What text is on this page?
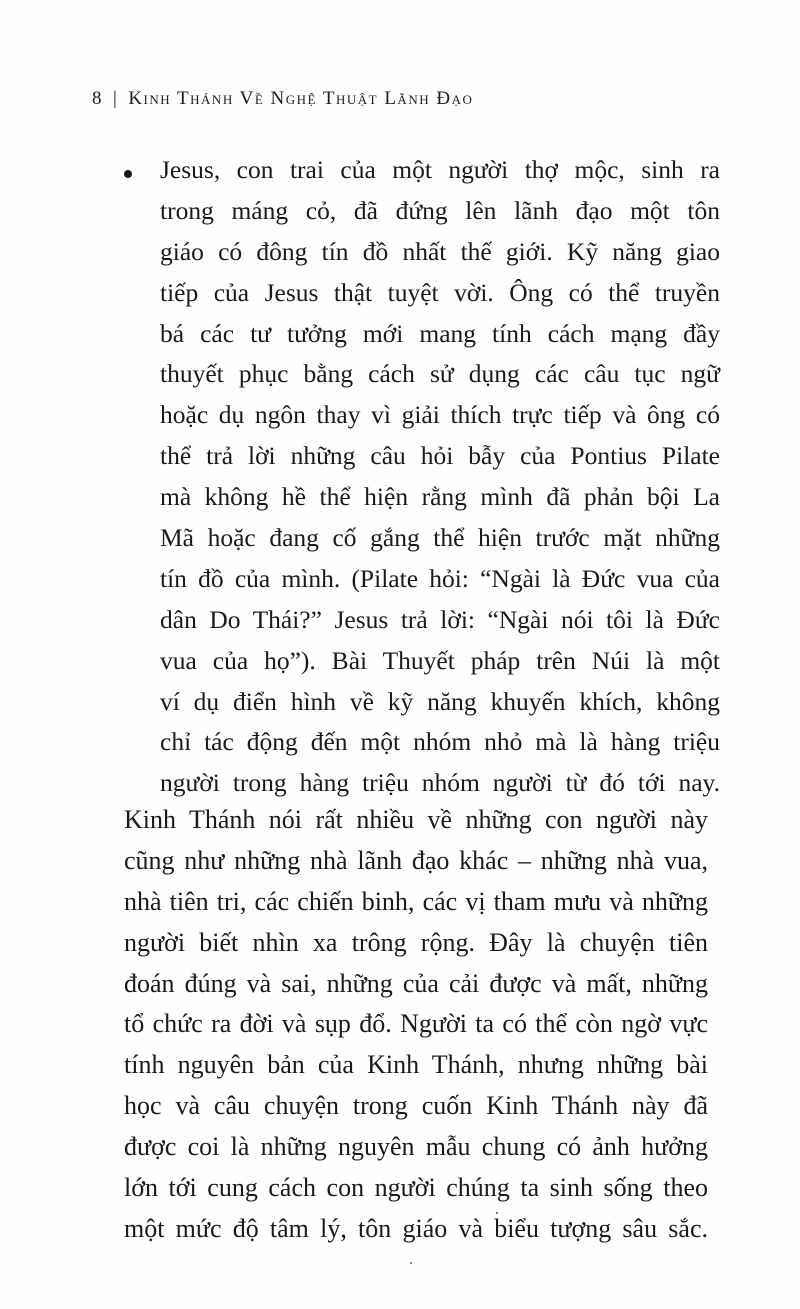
8 | Kinh Thánh Về Nghệ Thuật Lãnh Đạo
Jesus, con trai của một người thợ mộc, sinh ra
trong máng cỏ, đã đứng lên lãnh đạo một tôn
giáo có đông tín đồ nhất thế giới. Kỹ năng giao
tiếp của Jesus thật tuyệt vời. Ông có thể truyền
bá các tư tưởng mới mang tính cách mạng đầy
thuyết phục bằng cách sử dụng các câu tục ngữ
hoặc dụ ngôn thay vì giải thích trực tiếp và ông có
thể trả lời những câu hỏi bẫy của Pontius Pilate
mà không hề thể hiện rằng mình đã phản bội La
Mã hoặc đang cố gắng thể hiện trước mặt những
tín đồ của mình. (Pilate hỏi: “Ngài là Đức vua của
dân Do Thái?” Jesus trả lời: “Ngài nói tôi là Đức
vua của họ”). Bài Thuyết pháp trên Núi là một
ví dụ điển hình về kỹ năng khuyến khích, không
chỉ tác động đến một nhóm nhỏ mà là hàng triệu
người trong hàng triệu nhóm người từ đó tới nay.
Kinh Thánh nói rất nhiều về những con người này
cũng như những nhà lãnh đạo khác – những nhà vua,
nhà tiên tri, các chiến binh, các vị tham mưu và những
người biết nhìn xa trông rộng. Đây là chuyện tiên
đoán đúng và sai, những của cải được và mất, những
tổ chức ra đời và sụp đổ. Người ta có thể còn ngờ vực
tính nguyên bản của Kinh Thánh, nhưng những bài
học và câu chuyện trong cuốn Kinh Thánh này đã
được coi là những nguyên mẫu chung có ảnh hưởng
lớn tới cung cách con người chúng ta sinh sống theo
một mức độ tâm lý, tôn giáo và biểu tượng sâu sắc.
